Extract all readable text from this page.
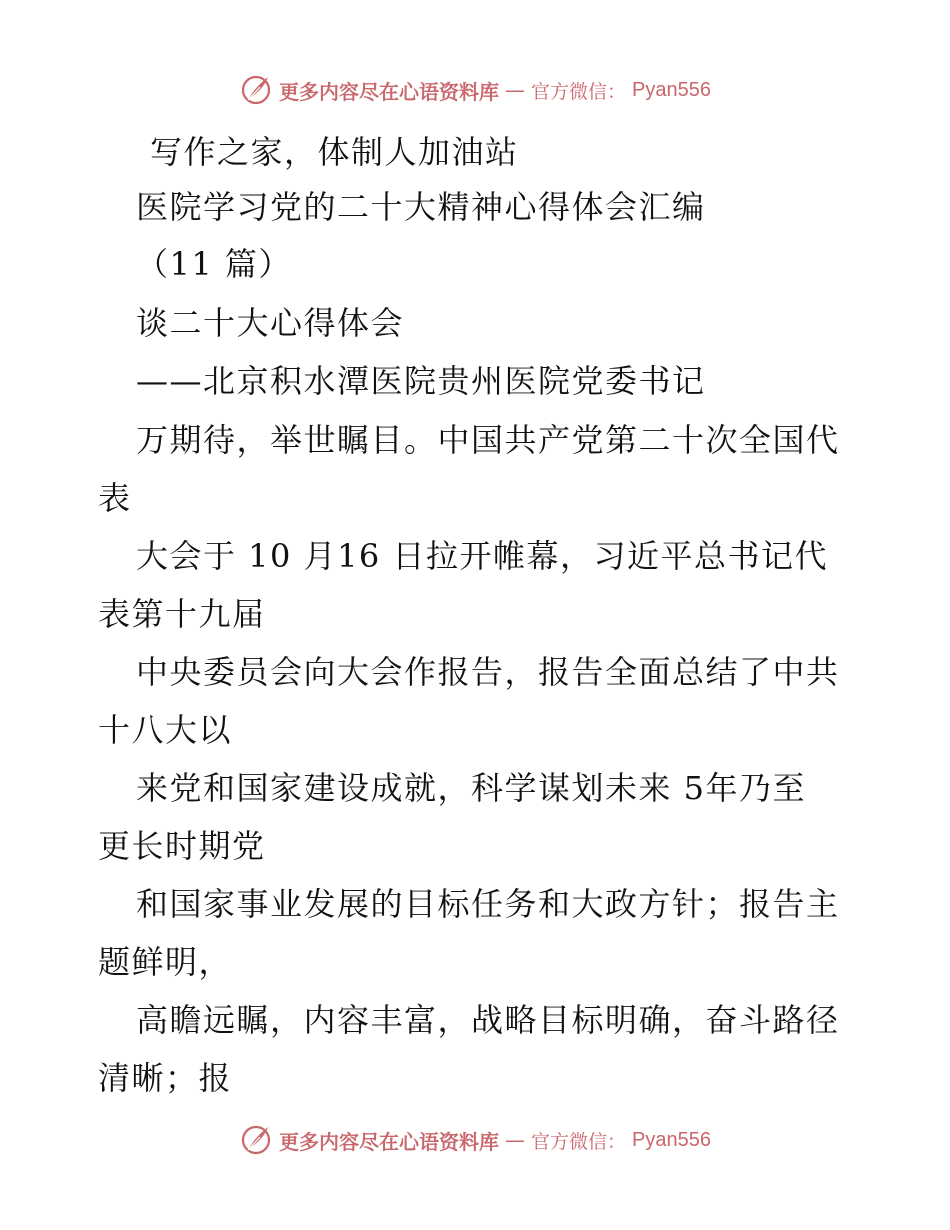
更多内容尽在心语资料库 — 官方微信： Pyan556
写作之家，体制人加油站
医院学习党的二十大精神心得体会汇编
（11 篇）
谈二十大心得体会
——北京积水潭医院贵州医院党委书记
万期待，举世瞩目。中国共产党第二十次全国代
表
大会于 10 月16 日拉开帷幕，习近平总书记代
表第十九届
中央委员会向大会作报告，报告全面总结了中共
十八大以
来党和国家建设成就，科学谋划未来 5年乃至
更长时期党
和国家事业发展的目标任务和大政方针；报告主
题鲜明，
高瞻远瞩，内容丰富，战略目标明确，奋斗路径
清晰；报
更多内容尽在心语资料库 — 官方微信： Pyan556
